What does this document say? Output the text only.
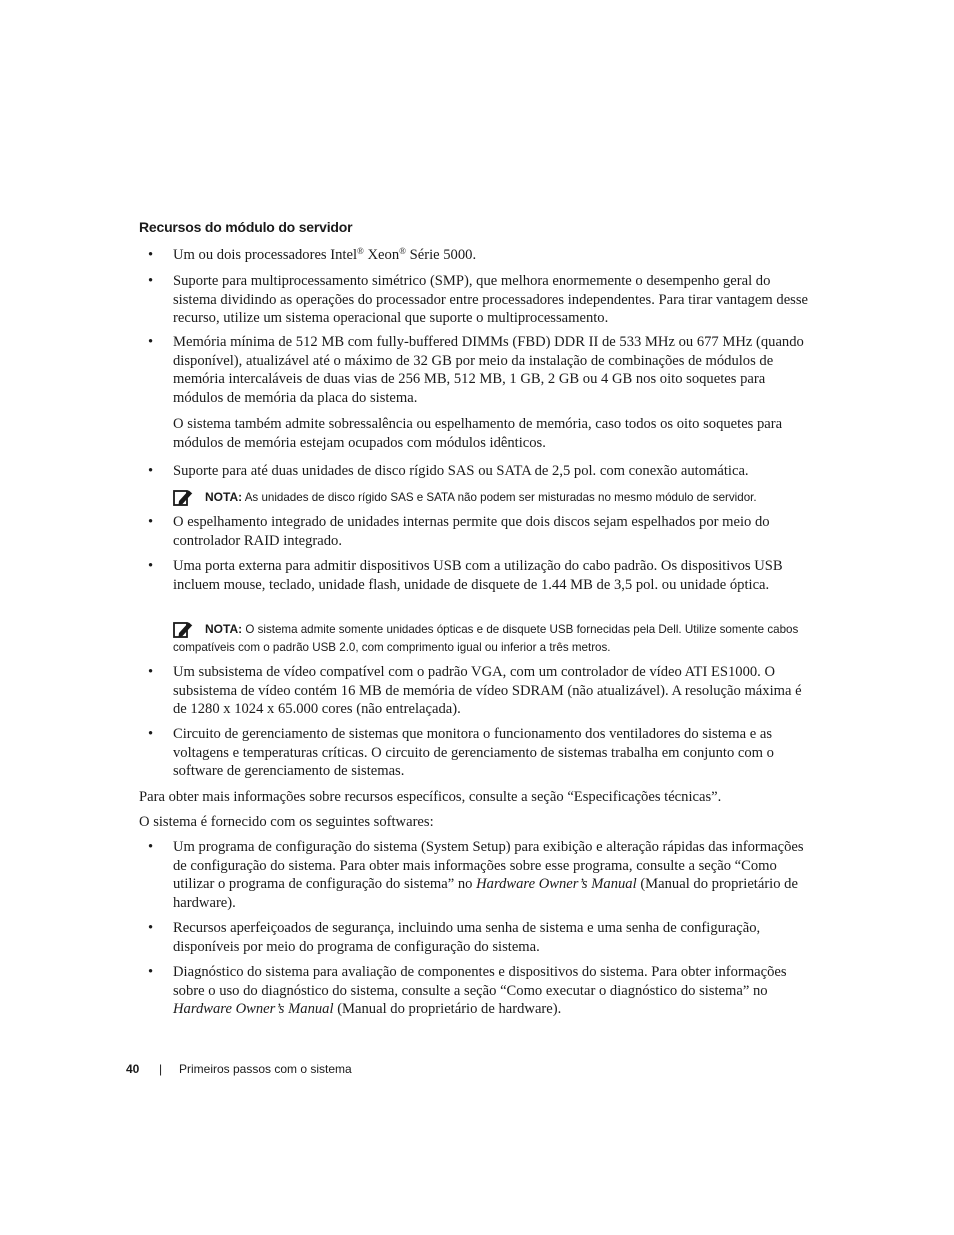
Recursos do módulo do servidor
• Um ou dois processadores Intel® Xeon® Série 5000.
• Suporte para multiprocessamento simétrico (SMP), que melhora enormemente o desempenho geral do sistema dividindo as operações do processador entre processadores independentes. Para tirar vantagem desse recurso, utilize um sistema operacional que suporte o multiprocessamento.
• Memória mínima de 512 MB com fully-buffered DIMMs (FBD) DDR II de 533 MHz ou 677 MHz (quando disponível), atualizável até o máximo de 32 GB por meio da instalação de combinações de módulos de memória intercaláveis de duas vias de 256 MB, 512 MB, 1 GB, 2 GB ou 4 GB nos oito soquetes para módulos de memória da placa do sistema.
O sistema também admite sobressalência ou espelhamento de memória, caso todos os oito soquetes para módulos de memória estejam ocupados com módulos idênticos.
• Suporte para até duas unidades de disco rígido SAS ou SATA de 2,5 pol. com conexão automática.
NOTA: As unidades de disco rígido SAS e SATA não podem ser misturadas no mesmo módulo de servidor.
• O espelhamento integrado de unidades internas permite que dois discos sejam espelhados por meio do controlador RAID integrado.
• Uma porta externa para admitir dispositivos USB com a utilização do cabo padrão. Os dispositivos USB incluem mouse, teclado, unidade flash, unidade de disquete de 1.44 MB de 3,5 pol. ou unidade óptica.
NOTA: O sistema admite somente unidades ópticas e de disquete USB fornecidas pela Dell. Utilize somente cabos compatíveis com o padrão USB 2.0, com comprimento igual ou inferior a três metros.
• Um subsistema de vídeo compatível com o padrão VGA, com um controlador de vídeo ATI ES1000. O subsistema de vídeo contém 16 MB de memória de vídeo SDRAM (não atualizável). A resolução máxima é de 1280 x 1024 x 65.000 cores (não entrelaçada).
• Circuito de gerenciamento de sistemas que monitora o funcionamento dos ventiladores do sistema e as voltagens e temperaturas críticas. O circuito de gerenciamento de sistemas trabalha em conjunto com o software de gerenciamento de sistemas.
Para obter mais informações sobre recursos específicos, consulte a seção “Especificações técnicas”.
O sistema é fornecido com os seguintes softwares:
• Um programa de configuração do sistema (System Setup) para exibição e alteração rápidas das informações de configuração do sistema. Para obter mais informações sobre esse programa, consulte a seção “Como utilizar o programa de configuração do sistema” no Hardware Owner’s Manual (Manual do proprietário de hardware).
• Recursos aperfeiçoados de segurança, incluindo uma senha de sistema e uma senha de configuração, disponíveis por meio do programa de configuração do sistema.
• Diagnóstico do sistema para avaliação de componentes e dispositivos do sistema. Para obter informações sobre o uso do diagnóstico do sistema, consulte a seção “Como executar o diagnóstico do sistema” no Hardware Owner’s Manual (Manual do proprietário de hardware).
40 | Primeiros passos com o sistema
